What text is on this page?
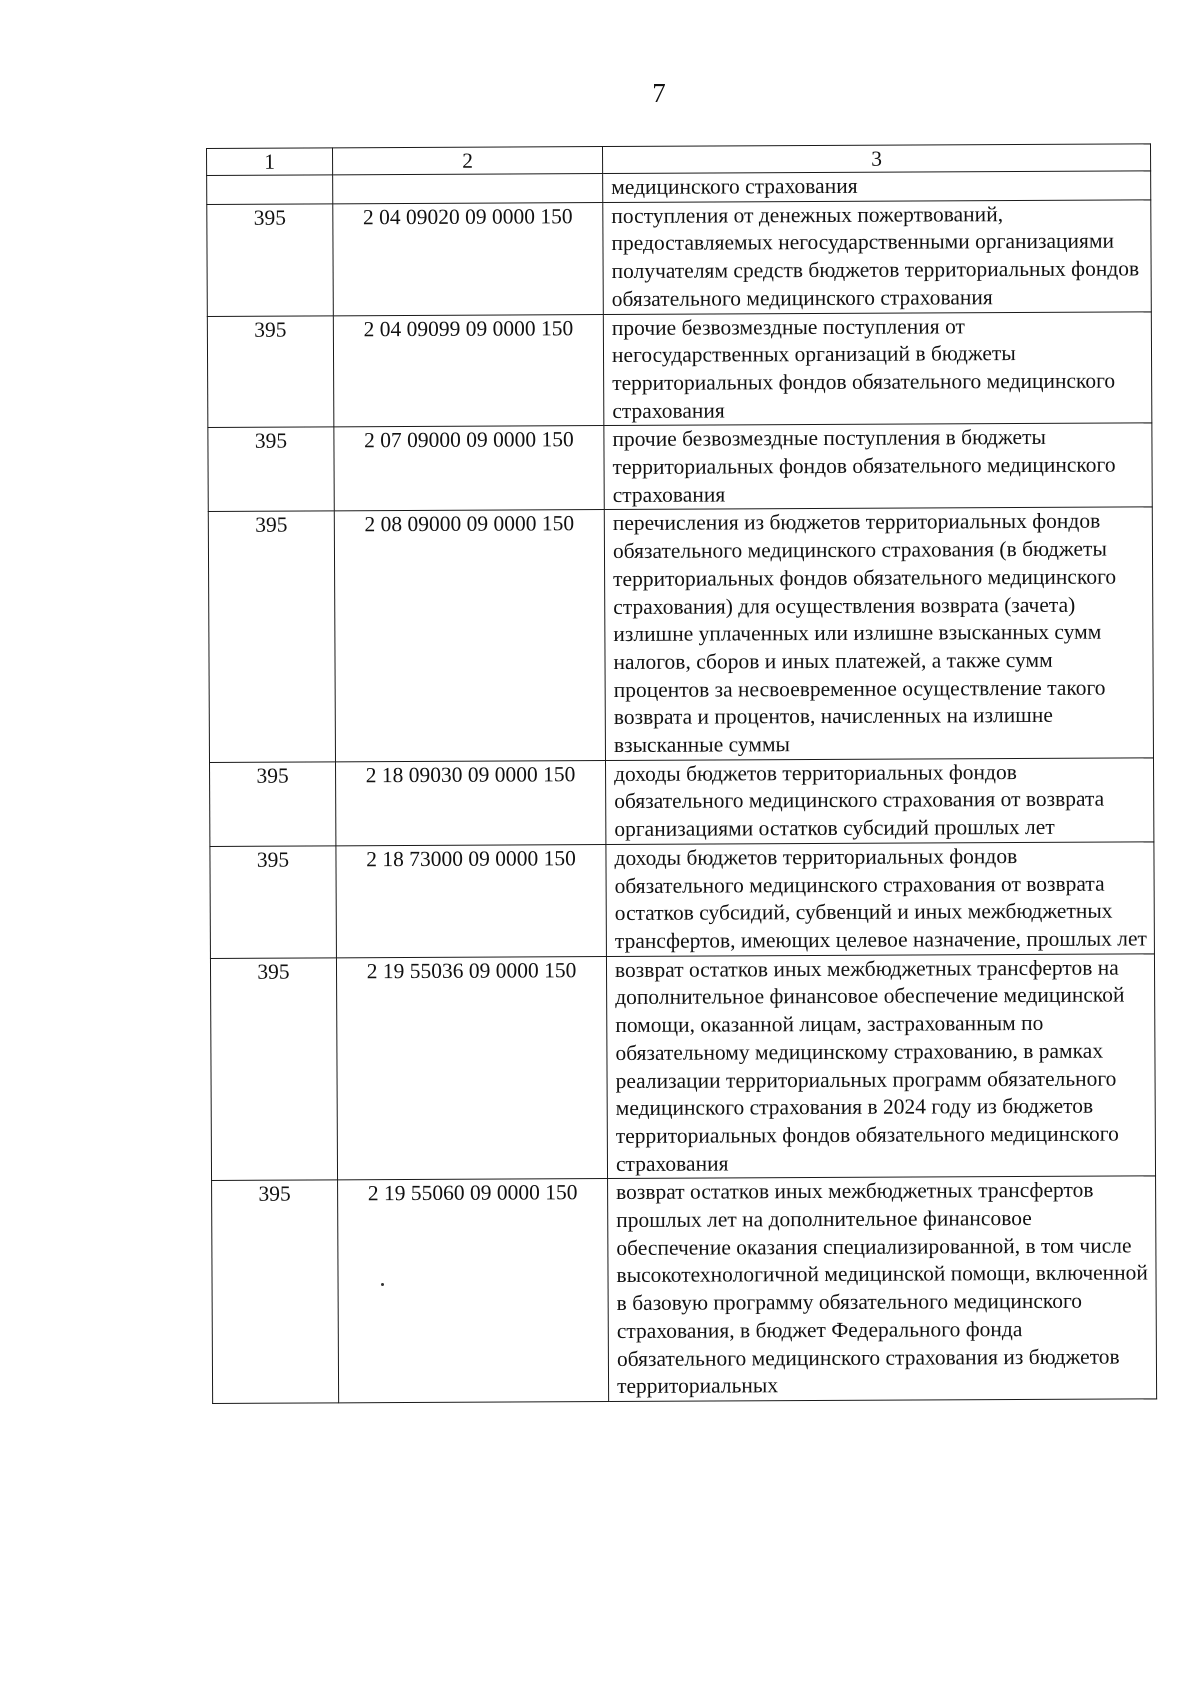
7
1	2	3
		медицинского страхования
395	2 04 09020 09 0000 150	поступления от денежных пожертвований, предоставляемых негосударственными организациями получателям средств бюджетов территориальных фондов обязательного медицинского страхования
395	2 04 09099 09 0000 150	прочие безвозмездные поступления от негосударственных организаций в бюджеты территориальных фондов обязательного медицинского страхования
395	2 07 09000 09 0000 150	прочие безвозмездные поступления в бюджеты территориальных фондов обязательного медицинского страхования
395	2 08 09000 09 0000 150	перечисления из бюджетов территориальных фондов обязательного медицинского страхования (в бюджеты территориальных фондов обязательного медицинского страхования) для осуществления возврата (зачета) излишне уплаченных или излишне взысканных сумм налогов, сборов и иных платежей, а также сумм процентов за несвоевременное осуществление такого возврата и процентов, начисленных на излишне взысканные суммы
395	2 18 09030 09 0000 150	доходы бюджетов территориальных фондов обязательного медицинского страхования от возврата организациями остатков субсидий прошлых лет
395	2 18 73000 09 0000 150	доходы бюджетов территориальных фондов обязательного медицинского страхования от возврата остатков субсидий, субвенций и иных межбюджетных трансфертов, имеющих целевое назначение, прошлых лет
395	2 19 55036 09 0000 150	возврат остатков иных межбюджетных трансфертов на дополнительное финансовое обеспечение медицинской помощи, оказанной лицам, застрахованным по обязательному медицинскому страхованию, в рамках реализации территориальных программ обязательного медицинского страхования в 2024 году из бюджетов территориальных фондов обязательного медицинского страхования
395	2 19 55060 09 0000 150	возврат остатков иных межбюджетных трансфертов прошлых лет на дополнительное финансовое обеспечение оказания специализированной, в том числе высокотехнологичной медицинской помощи, включенной в базовую программу обязательного медицинского страхования, в бюджет Федерального фонда обязательного медицинского страхования из бюджетов территориальных
